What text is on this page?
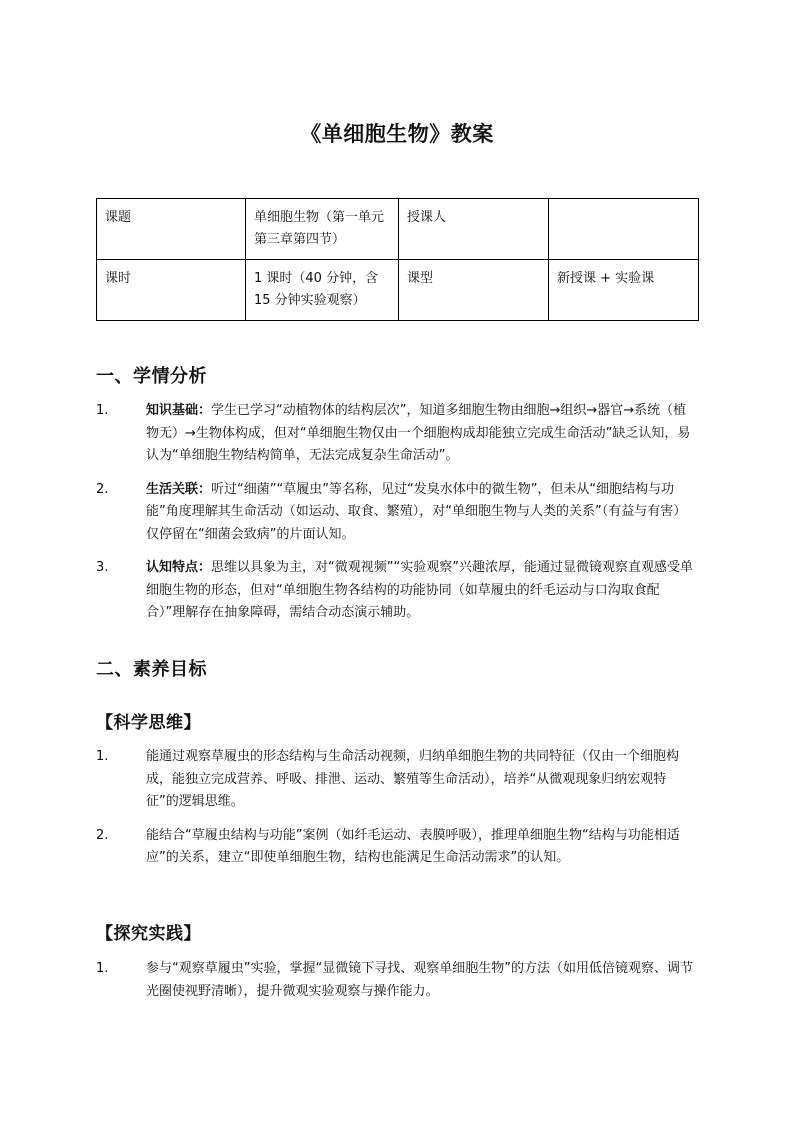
《单细胞生物》教案
课题	单细胞生物（第一单元第三章第四节）	授课人	
课时	1 课时（40 分钟，含 15 分钟实验观察）	课型	新授课 + 实验课
一、学情分析
1.	知识基础：学生已学习“动植物体的结构层次”，知道多细胞生物由细胞→组织→器官→系统（植物无）→生物体构成，但对“单细胞生物仅由一个细胞构成却能独立完成生命活动”缺乏认知，易认为“单细胞生物结构简单，无法完成复杂生命活动”。
2.	生活关联：听过“细菌”“草履虫”等名称，见过“发臭水体中的微生物”，但未从“细胞结构与功能”角度理解其生命活动（如运动、取食、繁殖），对“单细胞生物与人类的关系”（有益与有害）仅停留在“细菌会致病”的片面认知。
3.	认知特点：思维以具象为主，对“微观视频”“实验观察”兴趣浓厚，能通过显微镜观察直观感受单细胞生物的形态，但对“单细胞生物各结构的功能协同（如草履虫的纤毛运动与口沟取食配合）”理解存在抽象障碍，需结合动态演示辅助。
二、素养目标
【科学思维】
1.	能通过观察草履虫的形态结构与生命活动视频，归纳单细胞生物的共同特征（仅由一个细胞构成，能独立完成营养、呼吸、排泄、运动、繁殖等生命活动），培养“从微观现象归纳宏观特征”的逻辑思维。
2.	能结合“草履虫结构与功能”案例（如纤毛运动、表膜呼吸），推理单细胞生物“结构与功能相适应”的关系，建立“即使单细胞生物，结构也能满足生命活动需求”的认知。
【探究实践】
1.	参与“观察草履虫”实验，掌握“显微镜下寻找、观察单细胞生物”的方法（如用低倍镜观察、调节光圈使视野清晰），提升微观实验观察与操作能力。
